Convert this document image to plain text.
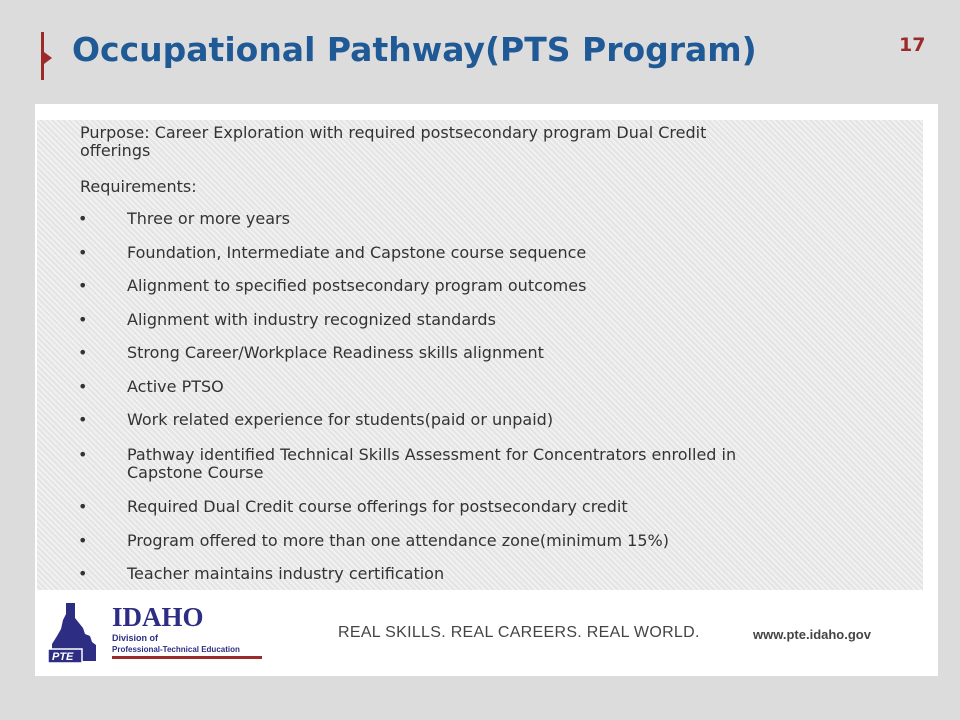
Occupational Pathway(PTS Program)	17
Purpose: Career Exploration with required postsecondary program Dual Credit
offerings
Requirements:
• Three or more years
• Foundation, Intermediate and Capstone course sequence
• Alignment to specified postsecondary program outcomes
• Alignment with industry recognized standards
• Strong Career/Workplace Readiness skills alignment
• Active PTSO
• Work related experience for students(paid or unpaid)
• Pathway identified Technical Skills Assessment for Concentrators enrolled in
Capstone Course
• Required Dual Credit course offerings for postsecondary credit
• Program offered to more than one attendance zone(minimum 15%)
• Teacher maintains industry certification
PTE
IDAHO
Division of
Professional-Technical Education
REAL SKILLS. REAL CAREERS. REAL WORLD.	www.pte.idaho.gov
